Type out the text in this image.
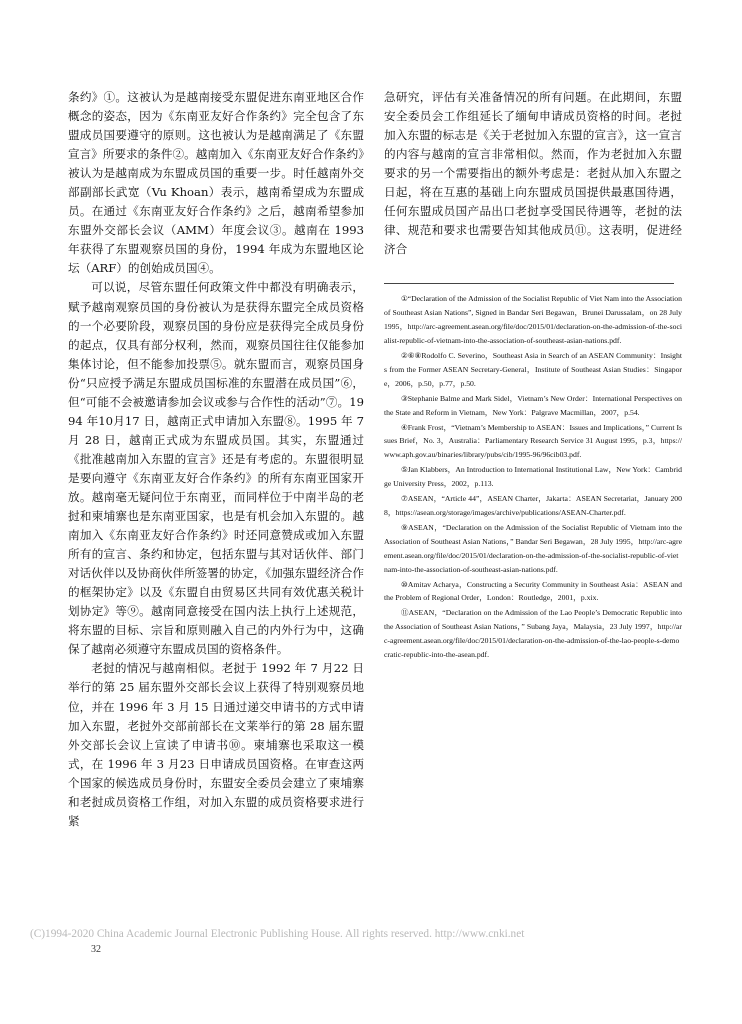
条约》①。这被认为是越南接受东盟促进东南亚地区合作概念的姿态，因为《东南亚友好合作条约》完全包含了东盟成员国要遵守的原则。这也被认为是越南满足了《东盟宣言》所要求的条件②。越南加入《东南亚友好合作条约》被认为是越南成为东盟成员国的重要一步。时任越南外交部副部长武宽（Vu Khoan）表示，越南希望成为东盟成员。在通过《东南亚友好合作条约》之后，越南希望参加东盟外交部长会议（AMM）年度会议③。越南在 1993 年获得了东盟观察员国的身份，1994 年成为东盟地区论坛（ARF）的创始成员国④。

可以说，尽管东盟任何政策文件中都没有明确表示，赋予越南观察员国的身份被认为是获得东盟完全成员资格的一个必要阶段，观察员国的身份应是获得完全成员身份的起点，仅具有部分权利，然而，观察员国往往仅能参加集体讨论，但不能参加投票⑤。就东盟而言，观察员国身份“只应授予满足东盟成员国标准的东盟潜在成员国”⑥，但“可能不会被邀请参加会议或参与合作性的活动”⑦。1994 年10月17 日，越南正式申请加入东盟⑧。1995 年 7 月 28 日，越南正式成为东盟成员国。其实，东盟通过《批准越南加入东盟的宣言》还是有考虑的。东盟很明显是要向遵守《东南亚友好合作条约》的所有东南亚国家开放。越南毫无疑问位于东南亚，而同样位于中南半岛的老挝和柬埔寨也是东南亚国家，也是有机会加入东盟的。越南加入《东南亚友好合作条约》时还同意赞成或加入东盟所有的宣言、条约和协定，包括东盟与其对话伙伴、部门对话伙伴以及协商伙伴所签署的协定，《加强东盟经济合作的框架协定》以及《东盟自由贸易区共同有效优惠关税计划协定》等⑨。越南同意接受在国内法上执行上述规范，将东盟的目标、宗旨和原则融入自己的内外行为中，这确保了越南必须遵守东盟成员国的资格条件。

老挝的情况与越南相似。老挝于 1992 年 7 月22 日举行的第 25 届东盟外交部长会议上获得了特别观察员地位，并在 1996 年 3 月 15 日通过递交申请书的方式申请加入东盟，老挝外交部前部长在文莱举行的第 28 届东盟外交部长会议上宣读了申请书⑩。柬埔寨也采取这一模式，在 1996 年 3 月23 日申请成员国资格。在审查这两个国家的候选成员身份时，东盟安全委员会建立了柬埔寨和老挝成员资格工作组，对加入东盟的成员资格要求进行紧

急研究，评估有关准备情况的所有问题。在此期间，东盟安全委员会工作组延长了缅甸申请成员资格的时间。老挝加入东盟的标志是《关于老挝加入东盟的宣言》，这一宣言的内容与越南的宣言非常相似。然而，作为老挝加入东盟要求的另一个需要指出的额外考虑是：老挝从加入东盟之日起，将在互惠的基础上向东盟成员国提供最惠国待遇，任何东盟成员国产品出口老挝享受国民待遇等，老挝的法律、规范和要求也需要告知其他成员⑪。这表明，促进经济合

①“Declaration of the Admission of the Socialist Republic of Viet Nam into the Association of Southeast Asian Nations”, Signed in Bandar Seri Begawan，Brunei Darussalam，on 28 July 1995，http://arc-agreement.asean.org/file/doc/2015/01/declaration-on-the-admission-of-the-socialist-republic-of-vietnam-into-the-association-of-southeast-asian-nations.pdf.

②⑥⑧Rodolfo C. Severino，Southeast Asia in Search of an ASEAN Community：Insights from the Former ASEAN Secretary-General，Institute of Southeast Asian Studies：Singapore，2006，p.50，p.77，p.50.

③Stephanie Balme and Mark Sidel，Vietnam’s New Order：International Perspectives on the State and Reform in Vietnam，New York：Palgrave Macmillan，2007，p.54.

④Frank Frost，“Vietnam’s Membership to ASEAN：Issues and Implications，” Current Issues Brief，No. 3，Australia：Parliamentary Research Service 31 August 1995，p.3，https://www.aph.gov.au/binaries/library/pubs/cib/1995-96/96cib03.pdf.

⑤Jan Klabbers，An Introduction to International Institutional Law，New York：Cambridge University Press，2002，p.113.

⑦ASEAN，“Article 44”，ASEAN Charter，Jakarta：ASEAN Secretariat，January 2008，https://asean.org/storage/images/archive/publications/ASEAN-Charter.pdf.

⑨ASEAN，“Declaration on the Admission of the Socialist Republic of Vietnam into the Association of Southeast Asian Nations，” Bandar Seri Begawan，28 July 1995，http://arc-agreement.asean.org/file/doc/2015/01/declaration-on-the-admission-of-the-socialist-republic-of-vietnam-into-the-association-of-southeast-asian-nations.pdf.

⑩Amitav Acharya，Constructing a Security Community in Southeast Asia：ASEAN and the Problem of Regional Order，London：Routledge，2001，p.xix.

⑪ASEAN，“Declaration on the Admission of the Lao People’s Democratic Republic into the Association of Southeast Asian Nations，” Subang Jaya，Malaysia，23 July 1997，http://arc-agreement.asean.org/file/doc/2015/01/declaration-on-the-admission-of-the-lao-people-s-democratic-republic-into-the-asean.pdf.

(C)1994-2020 China Academic Journal Electronic Publishing House. All rights reserved. http://www.cnki.net
32
